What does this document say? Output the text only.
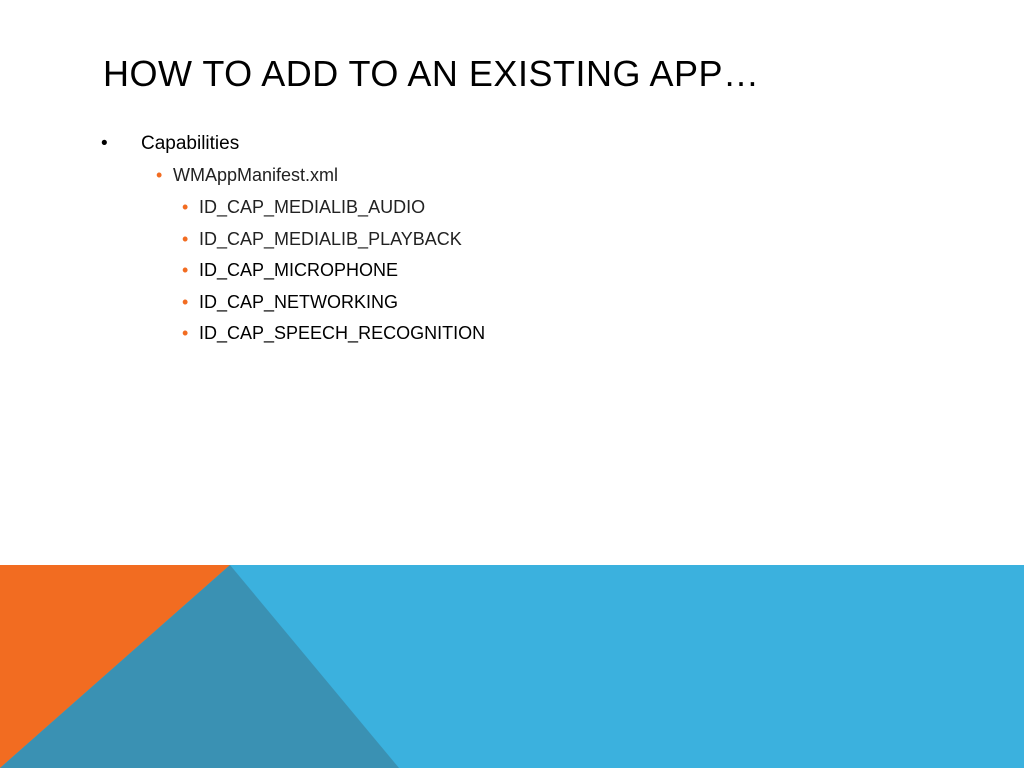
HOW TO ADD TO AN EXISTING APP…
• Capabilities
• WMAppManifest.xml
• ID_CAP_MEDIALIB_AUDIO
• ID_CAP_MEDIALIB_PLAYBACK
• ID_CAP_MICROPHONE
• ID_CAP_NETWORKING
• ID_CAP_SPEECH_RECOGNITION
